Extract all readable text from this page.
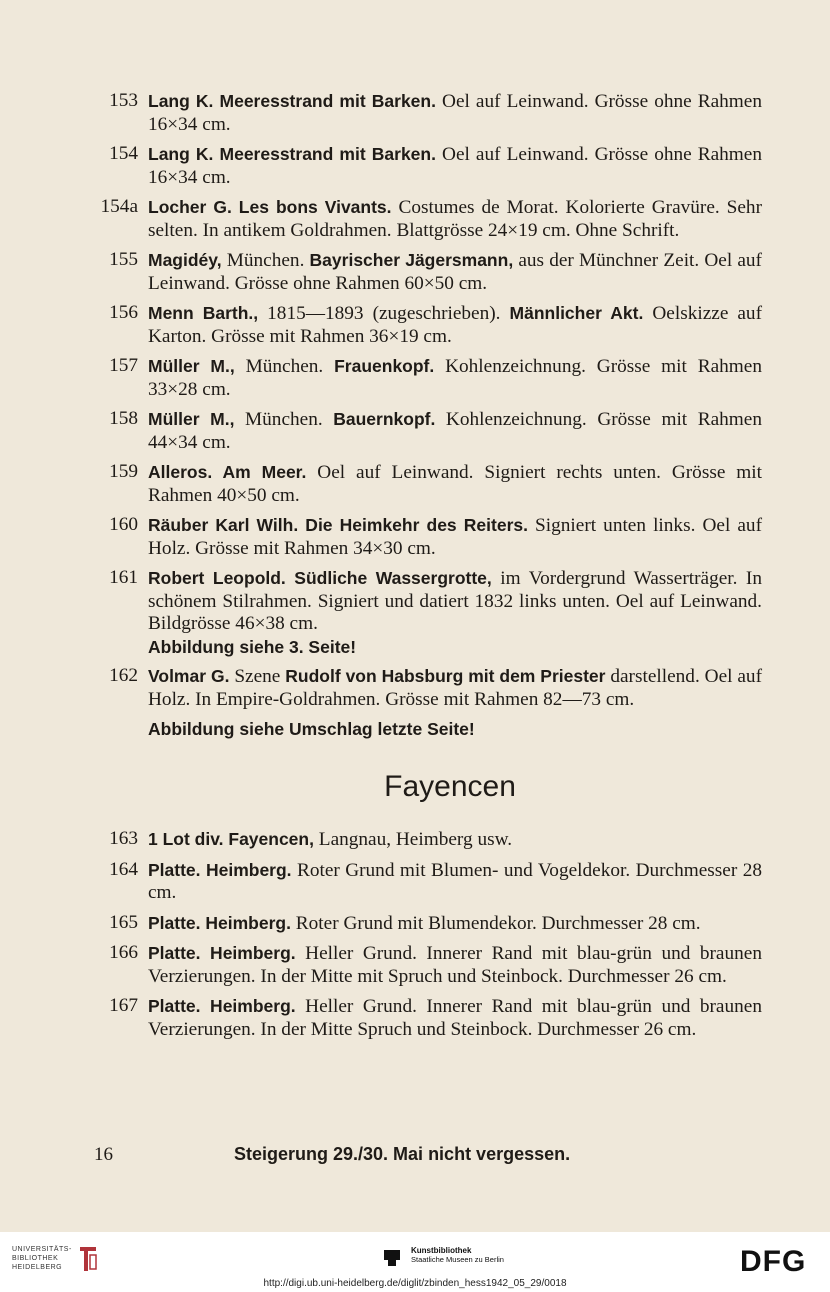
153 Lang K. Meeresstrand mit Barken. Oel auf Leinwand. Grösse ohne Rahmen 16×34 cm.
154 Lang K. Meeresstrand mit Barken. Oel auf Leinwand. Grösse ohne Rahmen 16×34 cm.
154a Locher G. Les bons Vivants. Costumes de Morat. Kolorierte Gravüre. Sehr selten. In antikem Goldrahmen. Blattgrösse 24×19 cm. Ohne Schrift.
155 Magidéy, München. Bayrischer Jägersmann, aus der Münchner Zeit. Oel auf Leinwand. Grösse ohne Rahmen 60×50 cm.
156 Menn Barth., 1815—1893 (zugeschrieben). Männlicher Akt. Oelskizze auf Karton. Grösse mit Rahmen 36×19 cm.
157 Müller M., München. Frauenkopf. Kohlenzeichnung. Grösse mit Rahmen 33×28 cm.
158 Müller M., München. Bauernkopf. Kohlenzeichnung. Grösse mit Rahmen 44×34 cm.
159 Alleros. Am Meer. Oel auf Leinwand. Signiert rechts unten. Grösse mit Rahmen 40×50 cm.
160 Räuber Karl Wilh. Die Heimkehr des Reiters. Signiert unten links. Oel auf Holz. Grösse mit Rahmen 34×30 cm.
161 Robert Leopold. Südliche Wassergrotte, im Vordergrund Wasserträger. In schönem Stilrahmen. Signiert und datiert 1832 links unten. Oel auf Leinwand. Bildgrösse 46×38 cm.
Abbildung siehe 3. Seite!
162 Volmar G. Szene Rudolf von Habsburg mit dem Priester darstellend. Oel auf Holz. In Empire-Goldrahmen. Grösse mit Rahmen 82—73 cm.
Abbildung siehe Umschlag letzte Seite!
Fayencen
163 1 Lot div. Fayencen, Langnau, Heimberg usw.
164 Platte. Heimberg. Roter Grund mit Blumen- und Vogeldekor. Durchmesser 28 cm.
165 Platte. Heimberg. Roter Grund mit Blumendekor. Durchmesser 28 cm.
166 Platte. Heimberg. Heller Grund. Innerer Rand mit blau-grün und braunen Verzierungen. In der Mitte mit Spruch und Steinbock. Durchmesser 26 cm.
167 Platte. Heimberg. Heller Grund. Innerer Rand mit blau-grün und braunen Verzierungen. In der Mitte Spruch und Steinbock. Durchmesser 26 cm.
16	Steigerung 29./30. Mai nicht vergessen.
UNIVERSITÄTS-
BIBLIOTHEK
HEIDELBERG
Kunstbibliothek
Staatliche Museen zu Berlin	DFG
http://digi.ub.uni-heidelberg.de/diglit/zbinden_hess1942_05_29/0018
